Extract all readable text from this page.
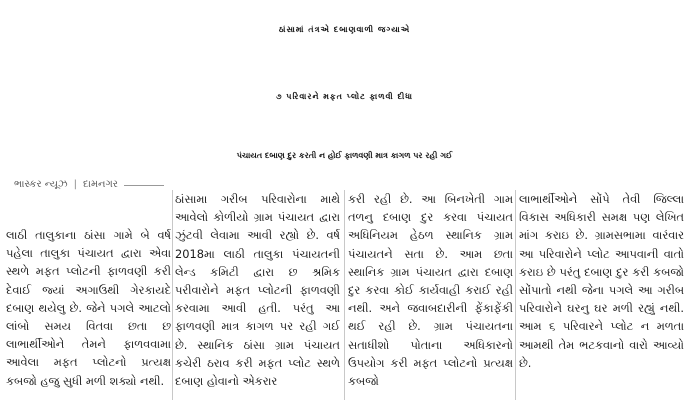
ઠાંસામાં તંત્રએ દબાણવાળી જગ્યાએ
૭ પરિવારને મફત પ્લોટ ફાળવી દીધા
પંચાયત દબાણ દુર કરતી ન હોઈ ફાળવણી માત્ર કાગળ પર રહી ગઈ
ભાસ્કર ન્યૂઝ | દામનગર

લાઠી તાલુકાના ઠાંસા ગામે બે વર્ષ પહેલા તાલુકા પંચાયત દ્વારા એવા સ્થળે મફત પ્લોટની ફાળવણી કરી દેવાઈ જ્યાં અગાઉથી ગેરકાયદે દબાણ થયેલુ છે. જેને પગલે આટલો લાંબો સમય વિતવા છતા છ લાભાર્થીઓને તેમને ફાળવવામા આવેલા મફત પ્લોટનો પ્રત્યક્ષ કબજો હજુ સુધી મળી શક્યો નથી.

ઠાંસામા ગરીબ પરિવારોના માથે આવેલો કોળીયો ગ્રામ પંચાયત દ્વારા ઝુંટવી લેવામા આવી રહ્યો છે. વર્ષ 2018મા લાઠી તાલુકા પંચાયતની લેન્ડ કમિટી દ્વારા છ શ્રમિક પરીવારોને મફત પ્લોટની ફાળવણી કરવામા આવી હતી. પરંતુ આ ફાળવણી માત્ર કાગળ પર રહી ગઈ છે. સ્થાનિક ઠાંસા ગ્રામ પંચાયત કચેરી ઠરાવ કરી મફત પ્લોટ સ્થળે દબાણ હોવાનો એકરાર

કરી રહી છે. આ બિનખેતી ગામ તળનુ દબાણ દુર કરવા પંચાયત અધિનિયમ હેઠળ સ્થાનિક ગ્રામ પંચાયતને સતા છે. આમ છતા સ્થાનિક ગ્રામ પંચાયત દ્વારા દબાણ દુર કરવા કોઈ કાર્યવાહી કરાઈ રહી નથી. અને જવાબદારીની ફેંકાફેંકી થઈ રહી છે. ગ્રામ પંચાયતના સતાધીશો પોતાના અધિકારનો ઉપયોગ કરી મફત પ્લોટનો પ્રત્યક્ષ કબજો

લાભાર્થીઓને સોંપે તેવી જિલ્લા વિકાસ અધિકારી સમક્ષ પણ લેખિત માંગ કરાઇ છે. ગ્રામસભામા વારંવાર આ પરિવારોને પ્લોટ આપવાની વાતો કરાઇ છે પરંતુ દબાણ દુર કરી કબજો સોંપાતો નથી જેના પગલે આ ગરીબ પરિવારોને ઘરનુ ઘર મળી રહ્યું નથી. આમ ૬ પરિવારને પ્લોટ ન મળતા આમથી તેમ ભટકવાનો વારો આવ્યો છે.
